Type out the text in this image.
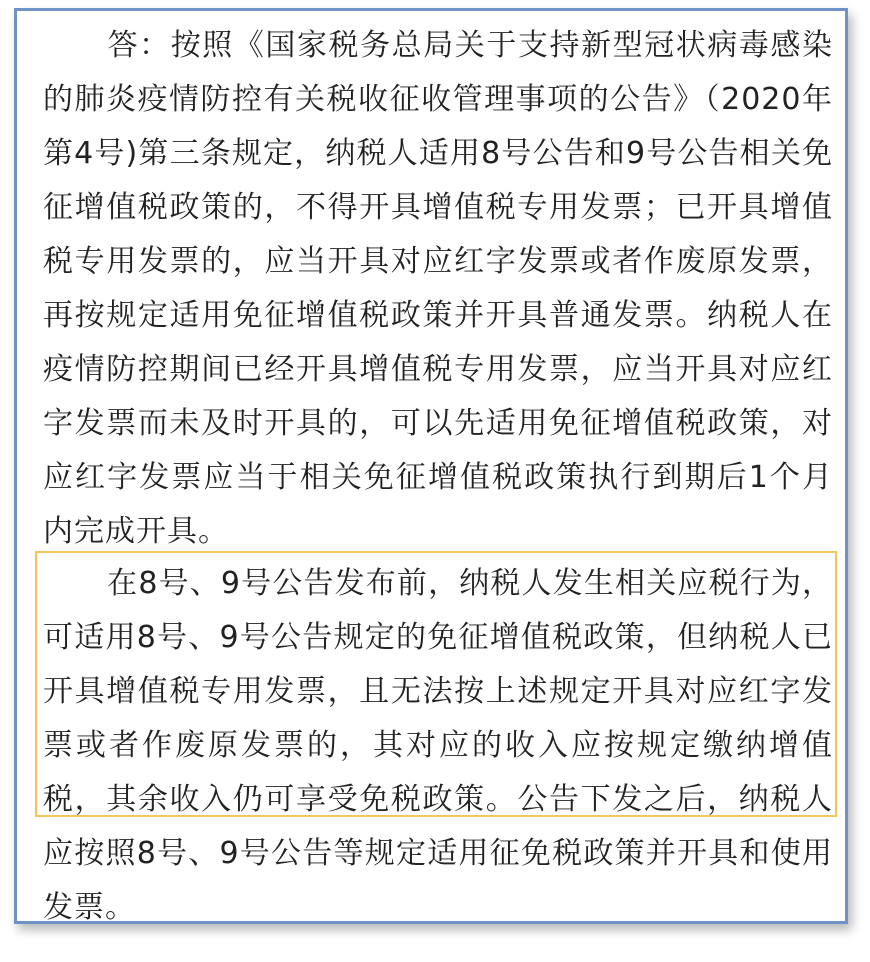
答：按照《国家税务总局关于支持新型冠状病毒感染的肺炎疫情防控有关税收征收管理事项的公告》（2020年第4号)第三条规定，纳税人适用8号公告和9号公告相关免征增值税政策的，不得开具增值税专用发票；已开具增值税专用发票的，应当开具对应红字发票或者作废原发票，再按规定适用免征增值税政策并开具普通发票。纳税人在疫情防控期间已经开具增值税专用发票，应当开具对应红字发票而未及时开具的，可以先适用免征增值税政策，对应红字发票应当于相关免征增值税政策执行到期后1个月内完成开具。

在8号、9号公告发布前，纳税人发生相关应税行为，可适用8号、9号公告规定的免征增值税政策，但纳税人已开具增值税专用发票，且无法按上述规定开具对应红字发票或者作废原发票的，其对应的收入应按规定缴纳增值税，其余收入仍可享受免税政策。公告下发之后，纳税人应按照8号、9号公告等规定适用征免税政策并开具和使用发票。
